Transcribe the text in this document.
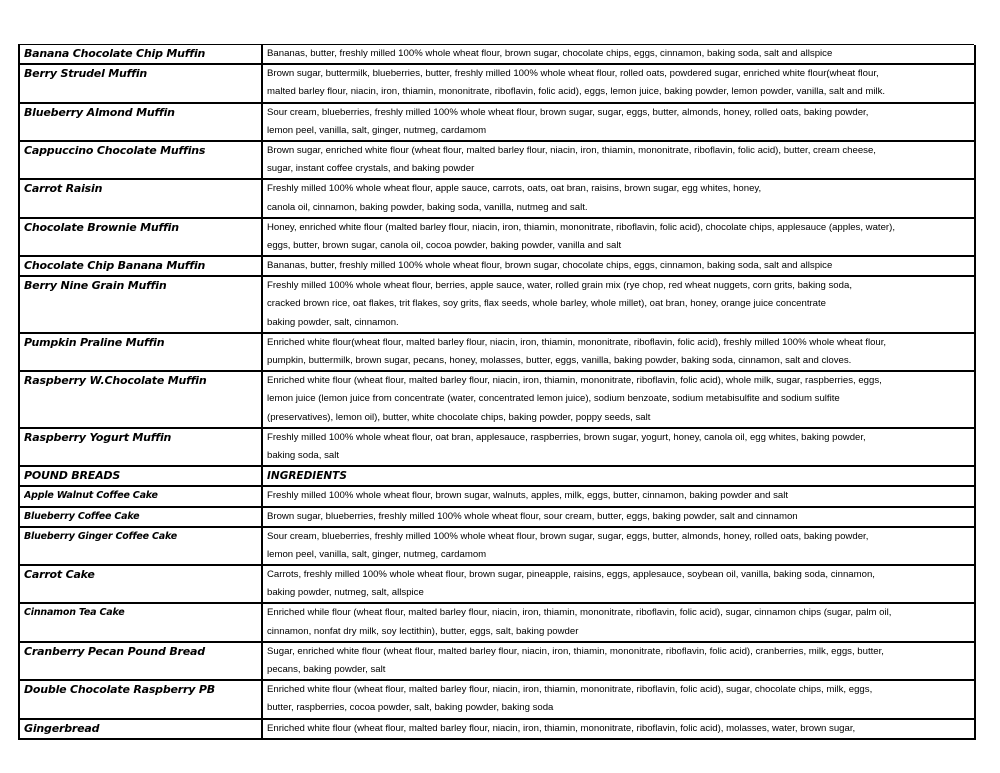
Banana Chocolate Chip Muffin	Bananas, butter, freshly milled 100% whole wheat flour, brown sugar, chocolate chips, eggs, cinnamon, baking soda, salt and allspice

Berry Strudel Muffin	Brown sugar, buttermilk, blueberries, butter, freshly milled 100% whole wheat flour, rolled oats, powdered sugar, enriched white flour(wheat flour,
malted barley flour, niacin, iron, thiamin, mononitrate, riboflavin, folic acid), eggs, lemon juice, baking powder, lemon powder, vanilla, salt and milk.

Blueberry Almond Muffin	Sour cream, blueberries, freshly milled 100% whole wheat flour, brown sugar, sugar, eggs, butter, almonds, honey, rolled oats, baking powder,
lemon peel, vanilla, salt, ginger, nutmeg, cardamom

Cappuccino Chocolate Muffins	Brown sugar, enriched white flour (wheat flour, malted barley flour, niacin, iron, thiamin, mononitrate, riboflavin, folic acid), butter, cream cheese,
sugar, instant coffee crystals, and baking powder

Carrot Raisin	Freshly milled 100% whole wheat flour, apple sauce, carrots, oats, oat bran, raisins, brown sugar, egg whites, honey,
canola oil, cinnamon, baking powder, baking soda, vanilla, nutmeg and salt.

Chocolate Brownie Muffin	Honey, enriched white flour (malted barley flour, niacin, iron, thiamin, mononitrate, riboflavin, folic acid), chocolate chips, applesauce (apples, water),
eggs, butter, brown sugar, canola oil, cocoa powder, baking powder, vanilla and salt

Chocolate Chip Banana Muffin	Bananas, butter, freshly milled 100% whole wheat flour, brown sugar, chocolate chips, eggs, cinnamon, baking soda, salt and allspice

Berry Nine Grain Muffin	Freshly milled 100% whole wheat flour, berries, apple sauce, water, rolled grain mix (rye chop, red wheat nuggets, corn grits, baking soda,
cracked brown rice, oat flakes, trit flakes, soy grits, flax seeds, whole barley, whole millet), oat bran, honey, orange juice concentrate
baking powder, salt, cinnamon.

Pumpkin Praline Muffin	Enriched white flour(wheat flour, malted barley flour, niacin, iron, thiamin, mononitrate, riboflavin, folic acid), freshly milled 100% whole wheat flour,
pumpkin, buttermilk, brown sugar, pecans, honey, molasses, butter, eggs, vanilla, baking powder, baking soda, cinnamon, salt and cloves.

Raspberry W.Chocolate Muffin	Enriched white flour (wheat flour, malted barley flour, niacin, iron, thiamin, mononitrate, riboflavin, folic acid), whole milk, sugar, raspberries, eggs,
lemon juice (lemon juice from concentrate (water, concentrated lemon juice), sodium benzoate, sodium metabisulfite and sodium sulfite
(preservatives), lemon oil), butter, white chocolate chips, baking powder, poppy seeds, salt

Raspberry Yogurt Muffin	Freshly milled 100% whole wheat flour, oat bran, applesauce, raspberries, brown sugar, yogurt, honey, canola oil, egg whites, baking powder,
baking soda, salt

POUND BREADS	INGREDIENTS

Apple Walnut Coffee Cake	Freshly milled 100% whole wheat flour, brown sugar, walnuts, apples, milk, eggs, butter, cinnamon, baking powder and salt

Blueberry Coffee Cake	Brown sugar, blueberries, freshly milled 100% whole wheat flour, sour cream, butter, eggs, baking powder, salt and cinnamon

Blueberry Ginger Coffee Cake	Sour cream, blueberries, freshly milled 100% whole wheat flour, brown sugar, sugar, eggs, butter, almonds, honey, rolled oats, baking powder,
lemon peel, vanilla, salt, ginger, nutmeg, cardamom

Carrot Cake	Carrots, freshly milled 100% whole wheat flour, brown sugar, pineapple, raisins, eggs, applesauce, soybean oil, vanilla, baking soda, cinnamon,
baking powder, nutmeg, salt, allspice

Cinnamon Tea Cake	Enriched while flour (wheat flour, malted barley flour, niacin, iron, thiamin, mononitrate, riboflavin, folic acid), sugar, cinnamon chips (sugar, palm oil,
cinnamon, nonfat dry milk, soy lectithin), butter, eggs, salt, baking powder

Cranberry Pecan Pound Bread	Sugar, enriched white flour (wheat flour, malted barley flour, niacin, iron, thiamin, mononitrate, riboflavin, folic acid), cranberries, milk, eggs, butter,
pecans, baking powder, salt

Double Chocolate Raspberry PB	Enriched white flour (wheat flour, malted barley flour, niacin, iron, thiamin, mononitrate, riboflavin, folic acid), sugar, chocolate chips, milk, eggs,
butter, raspberries, cocoa powder, salt, baking powder, baking soda

Gingerbread	Enriched white flour (wheat flour, malted barley flour, niacin, iron, thiamin, mononitrate, riboflavin, folic acid), molasses, water, brown sugar,
